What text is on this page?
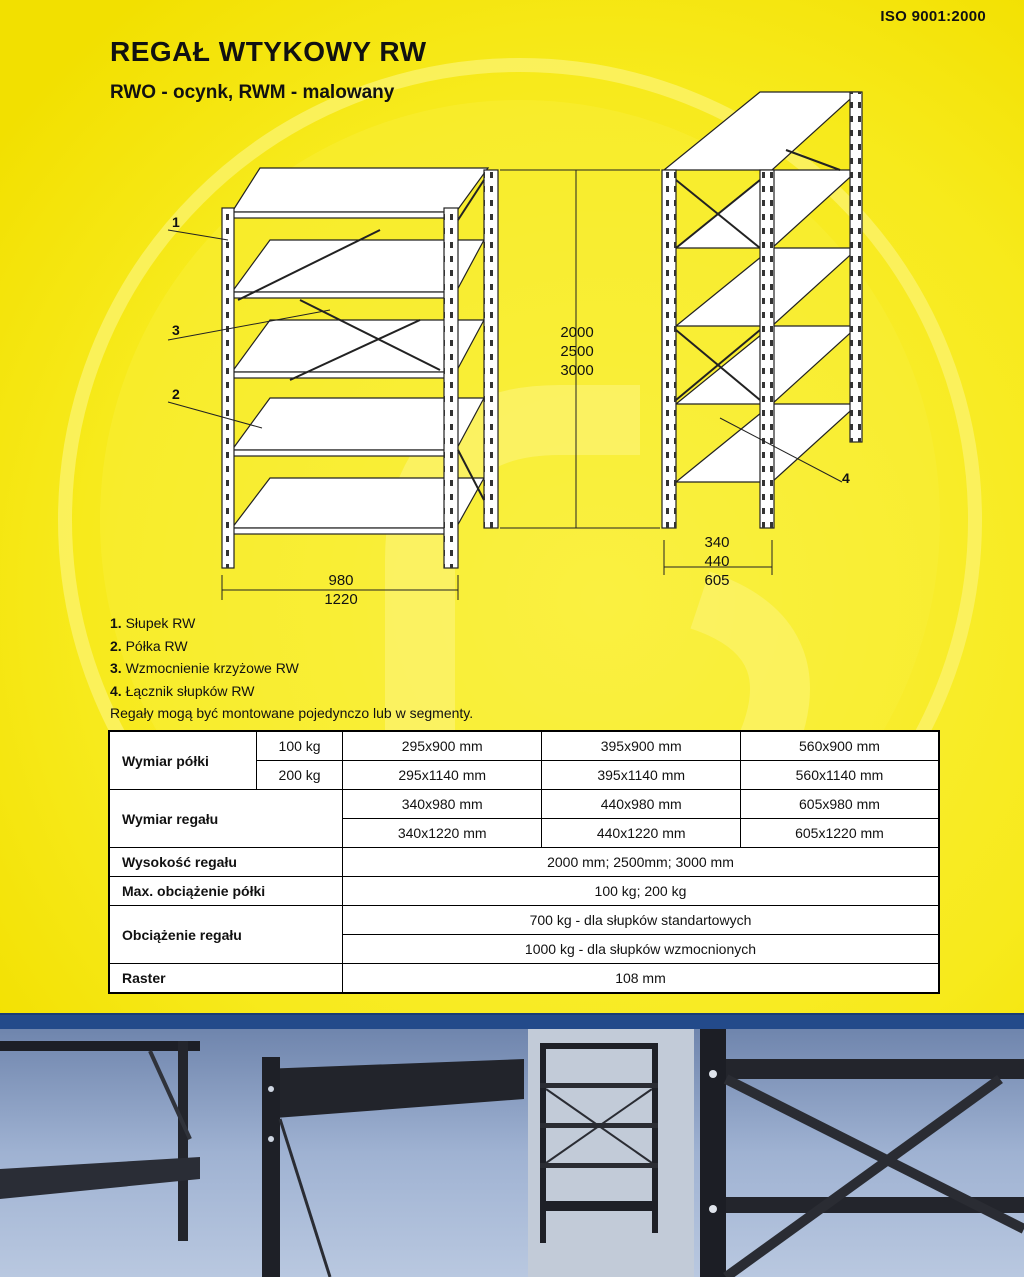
ISO 9001:2000
REGAŁ WTYKOWY RW
RWO - ocynk, RWM - malowany
1
3
2
4
980
1220
2000
2500
3000
340
440
605
1. Słupek RW
2. Półka RW
3. Wzmocnienie krzyżowe RW
4. Łącznik słupków RW
Regały mogą być montowane pojedynczo lub w segmenty.
Wymiar półki	100 kg	295x900 mm	395x900 mm	560x900 mm
	200 kg	295x1140 mm	395x1140 mm	560x1140 mm
Wymiar regału		340x980 mm	440x980 mm	605x980 mm
		340x1220 mm	440x1220 mm	605x1220 mm
Wysokość regału		2000 mm; 2500mm; 3000 mm		
Max. obciążenie półki		100 kg; 200 kg		
Obciążenie regału		700 kg - dla słupków standartowych		
		1000 kg - dla słupków wzmocnionych		
Raster		108 mm		
